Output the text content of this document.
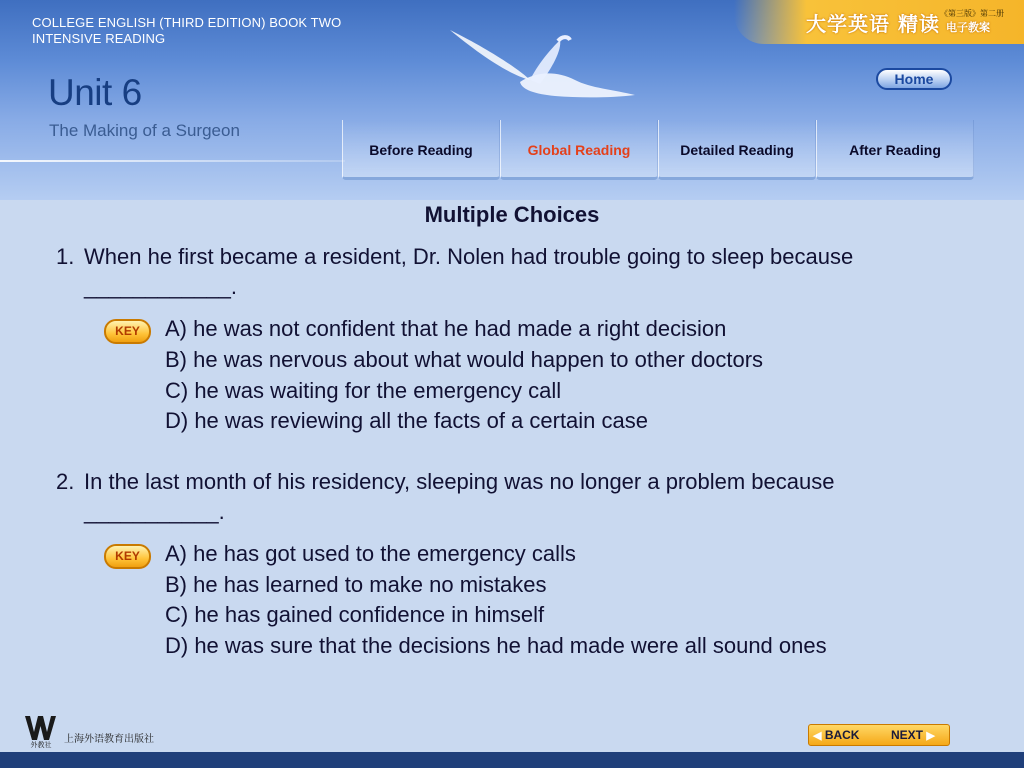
COLLEGE ENGLISH (THIRD EDITION) BOOK TWO
INTENSIVE READING
大学英语 精读 《第三版》第二册
电子教案
Unit 6
The Making of a Surgeon
Home
Before Reading	Global Reading	Detailed Reading	After Reading
Multiple Choices
1. When he first became a resident, Dr. Nolen had trouble going to sleep because
____________.
KEY	A) he was not confident that he had made a right decision
B) he was nervous about what would happen to other doctors
C) he was waiting for the emergency call
D) he was reviewing all the facts of a certain case
2. In the last month of his residency, sleeping was no longer a problem because
___________.
KEY	A) he has got used to the emergency calls
B) he has learned to make no mistakes
C) he has gained confidence in himself
D) he was sure that the decisions he had made were all sound ones
外教社 上海外语教育出版社	◀ BACK	NEXT ▶
